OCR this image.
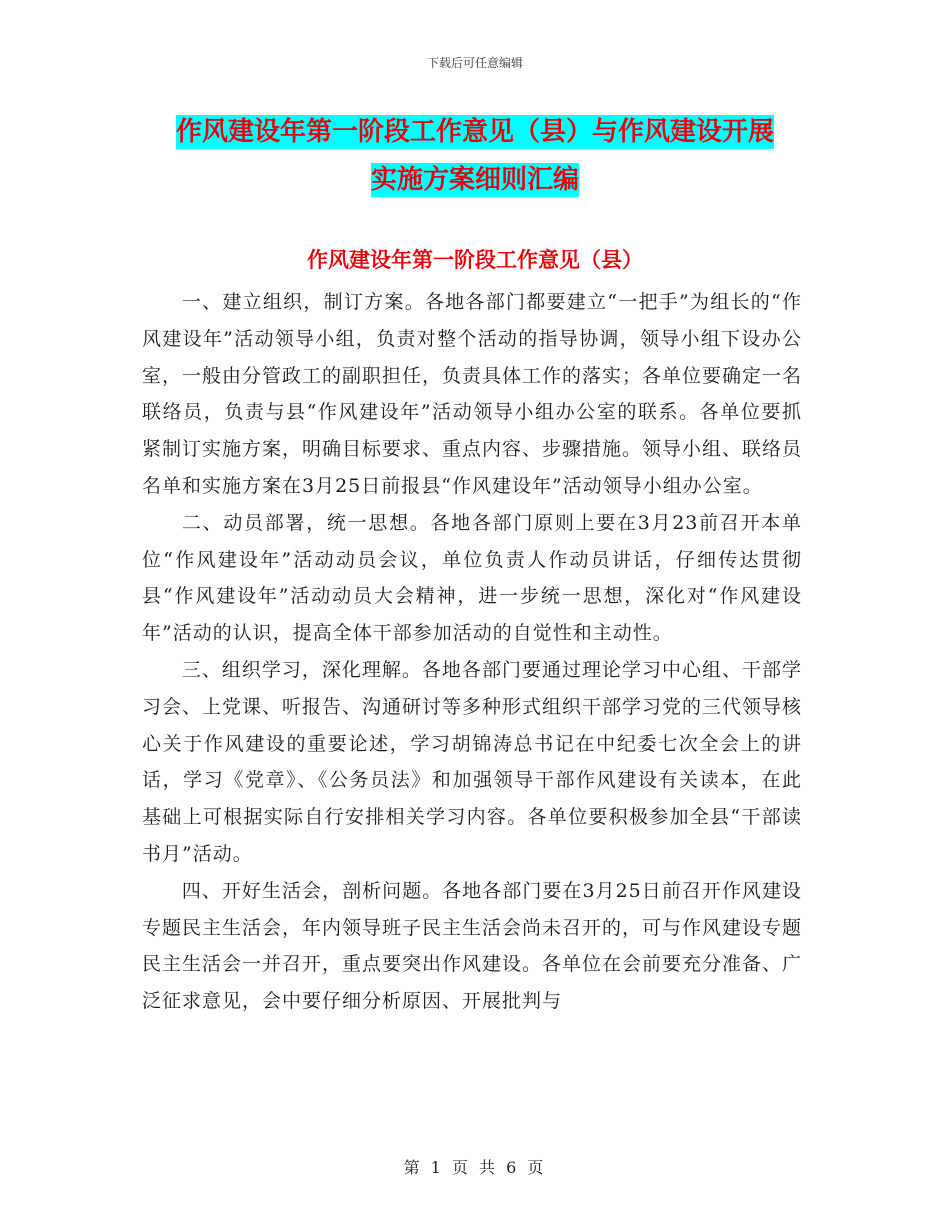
下载后可任意编辑
作风建设年第一阶段工作意见（县）与作风建设开展
实施方案细则汇编
作风建设年第一阶段工作意见（县）

一、建立组织，制订方案。各地各部门都要建立“一把手”为组长的“作风建设年”活动领导小组，负责对整个活动的指导协调，领导小组下设办公室，一般由分管政工的副职担任，负责具体工作的落实；各单位要确定一名联络员，负责与县“作风建设年”活动领导小组办公室的联系。各单位要抓紧制订实施方案，明确目标要求、重点内容、步骤措施。领导小组、联络员名单和实施方案在3月25日前报县“作风建设年”活动领导小组办公室。

二、动员部署，统一思想。各地各部门原则上要在3月23前召开本单位“作风建设年”活动动员会议，单位负责人作动员讲话，仔细传达贯彻县“作风建设年”活动动员大会精神，进一步统一思想，深化对“作风建设年”活动的认识，提高全体干部参加活动的自觉性和主动性。

三、组织学习，深化理解。各地各部门要通过理论学习中心组、干部学习会、上党课、听报告、沟通研讨等多种形式组织干部学习党的三代领导核心关于作风建设的重要论述，学习胡锦涛总书记在中纪委七次全会上的讲话，学习《党章》、《公务员法》和加强领导干部作风建设有关读本，在此基础上可根据实际自行安排相关学习内容。各单位要积极参加全县“干部读书月”活动。

四、开好生活会，剖析问题。各地各部门要在3月25日前召开作风建设专题民主生活会，年内领导班子民主生活会尚未召开的，可与作风建设专题民主生活会一并召开，重点要突出作风建设。各单位在会前要充分准备、广泛征求意见，会中要仔细分析原因、开展批判与

第 1 页 共 6 页
